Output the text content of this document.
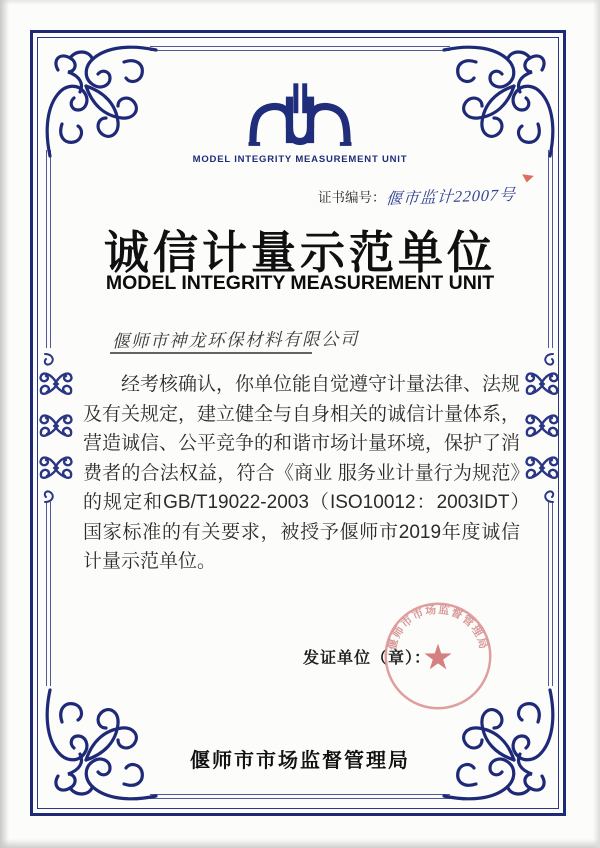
MODEL INTEGRITY MEASUREMENT UNIT
证书编号：偃市监计22007号
诚信计量示范单位
MODEL INTEGRITY MEASUREMENT UNIT
偃师市神龙环保材料有限公司

经考核确认，你单位能自觉遵守计量法律、法规及有关规定，建立健全与自身相关的诚信计量体系，营造诚信、公平竞争的和谐市场计量环境，保护了消费者的合法权益，符合《商业 服务业计量行为规范》的规定和GB/T19022-2003（ISO10012：2003IDT）国家标准的有关要求，被授予偃师市2019年度诚信计量示范单位。

发证单位（章）：
偃师市市场监督管理局
偃师市市场监督管理局
